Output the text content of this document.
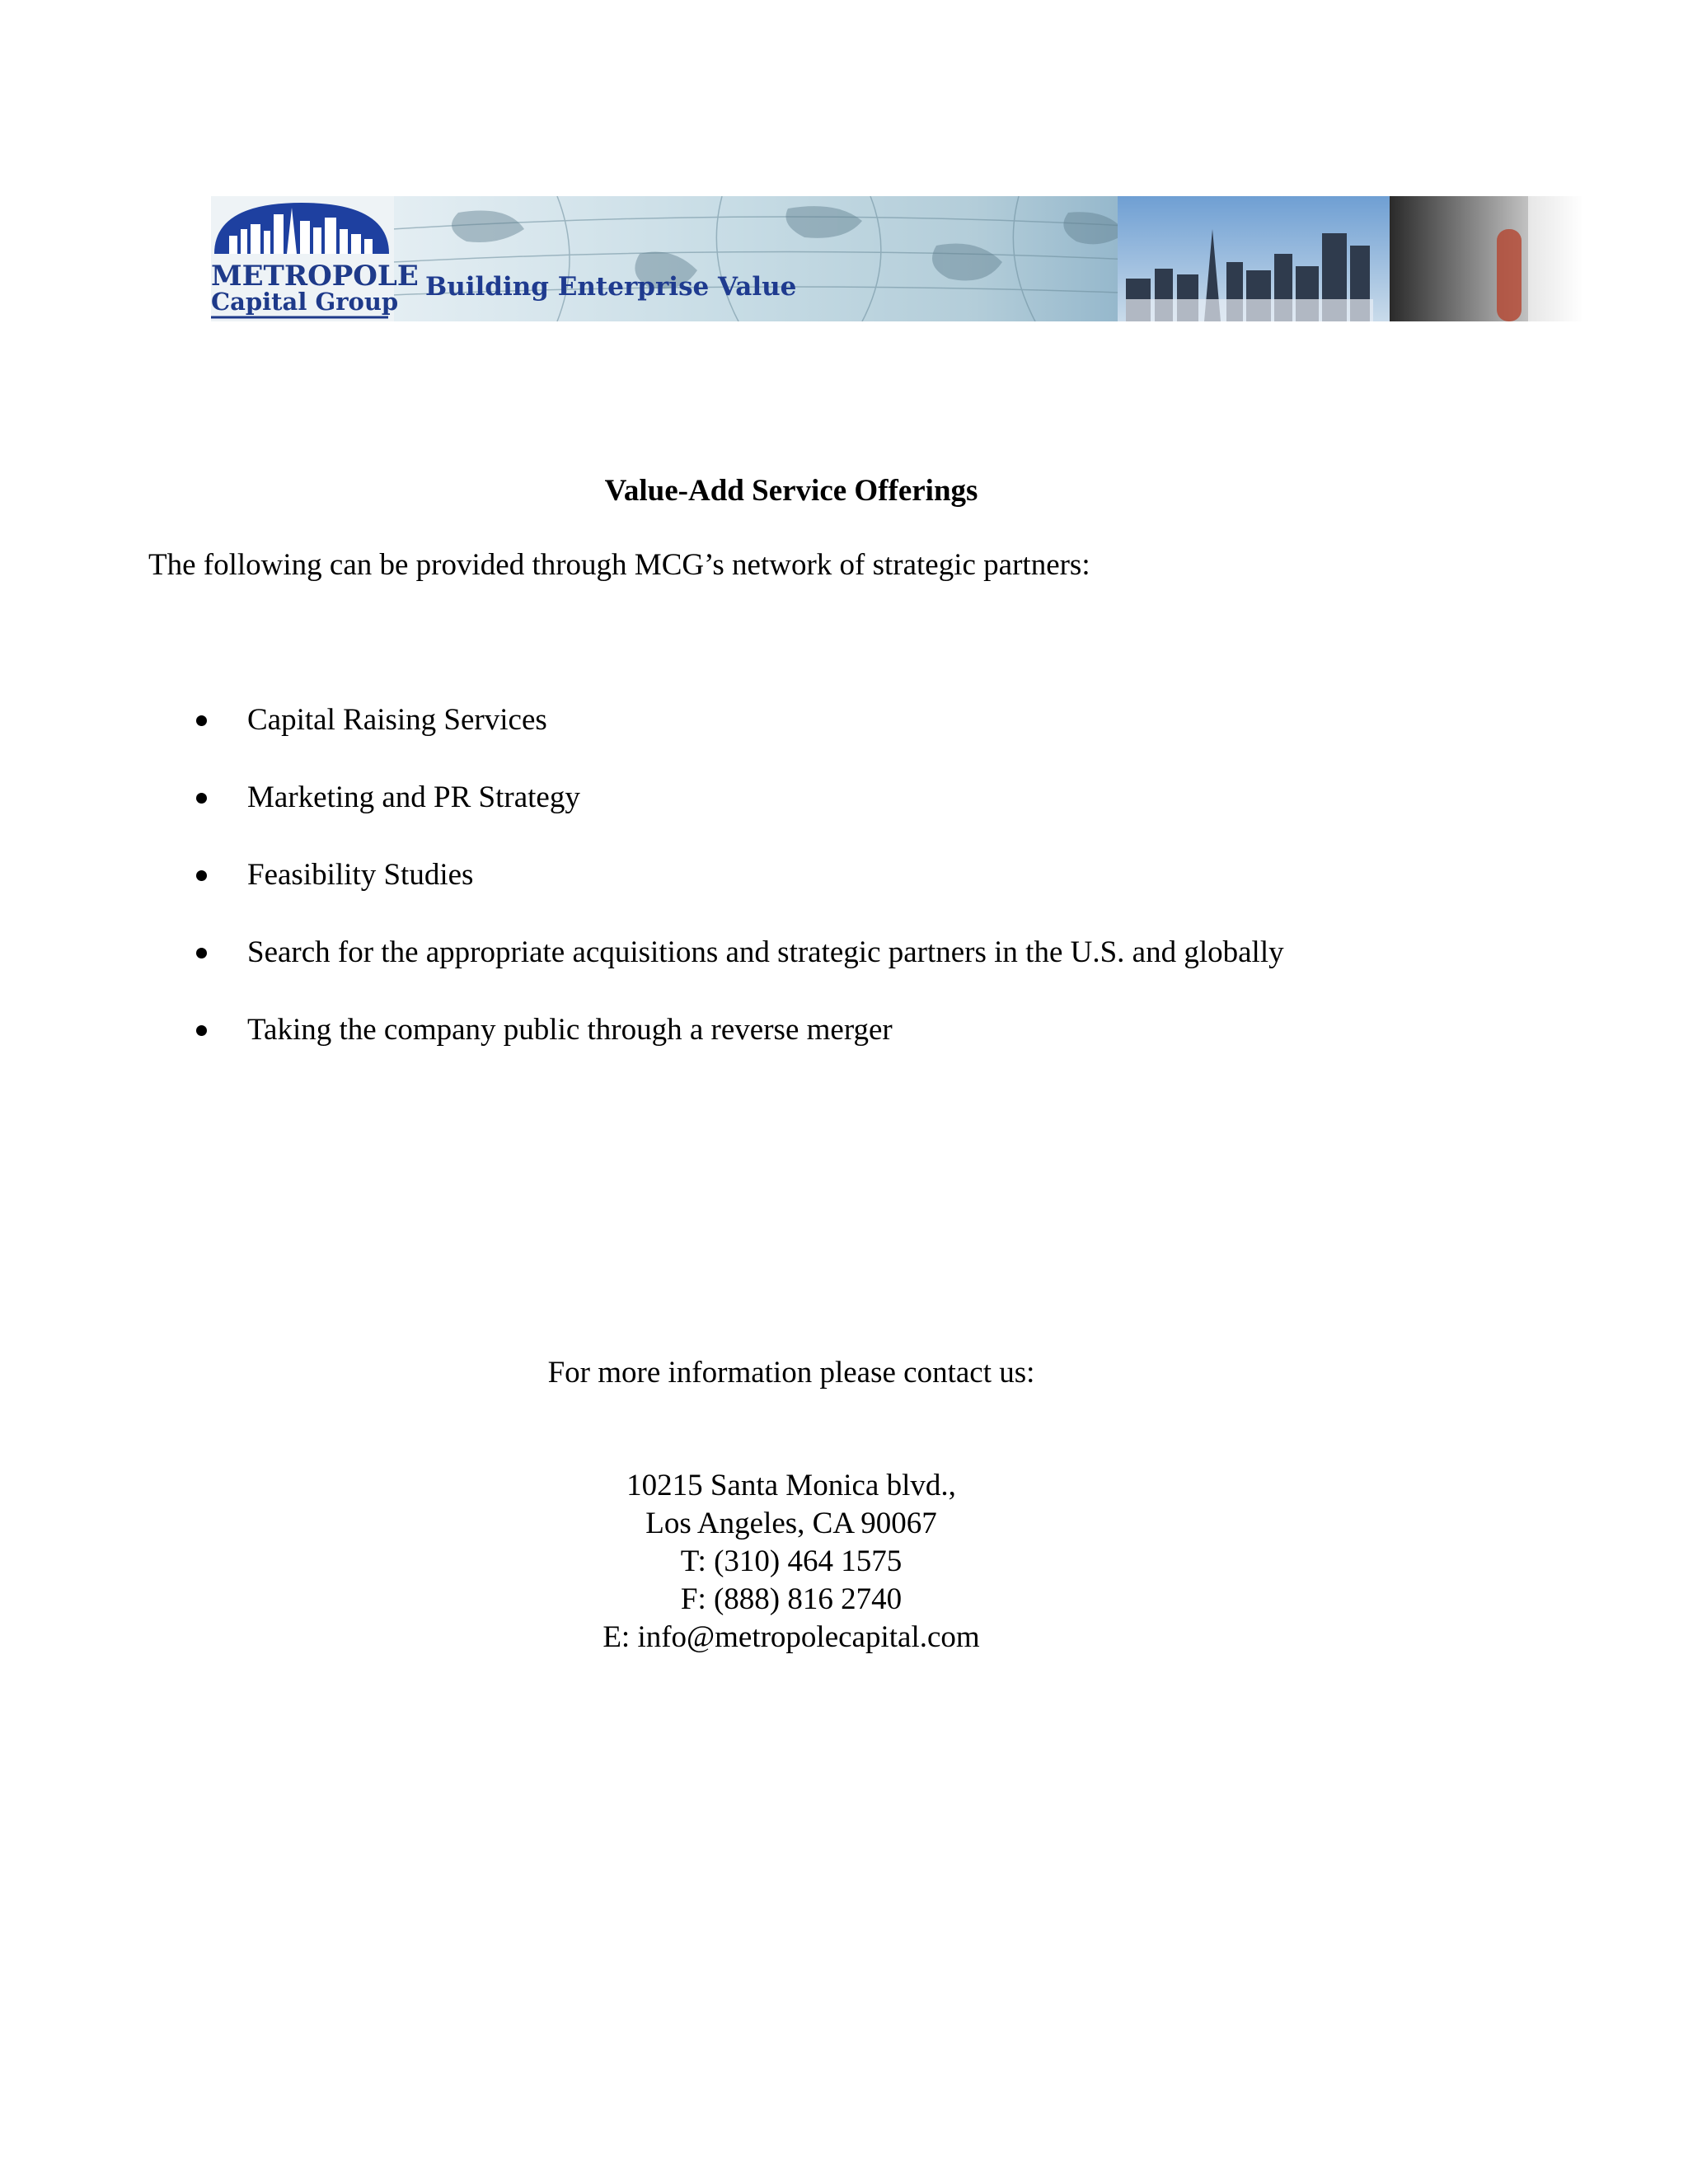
METROPOLE
Capital Group Building Enterprise Value
Value-Add Service Offerings
The following can be provided through MCG’s network of strategic partners:
Capital Raising Services
Marketing and PR Strategy
Feasibility Studies
Search for the appropriate acquisitions and strategic partners in the U.S. and globally
Taking the company public through a reverse merger
For more information please contact us:
10215 Santa Monica blvd.,
Los Angeles, CA 90067
T: (310) 464 1575
F: (888) 816 2740
E: info@metropolecapital.com
